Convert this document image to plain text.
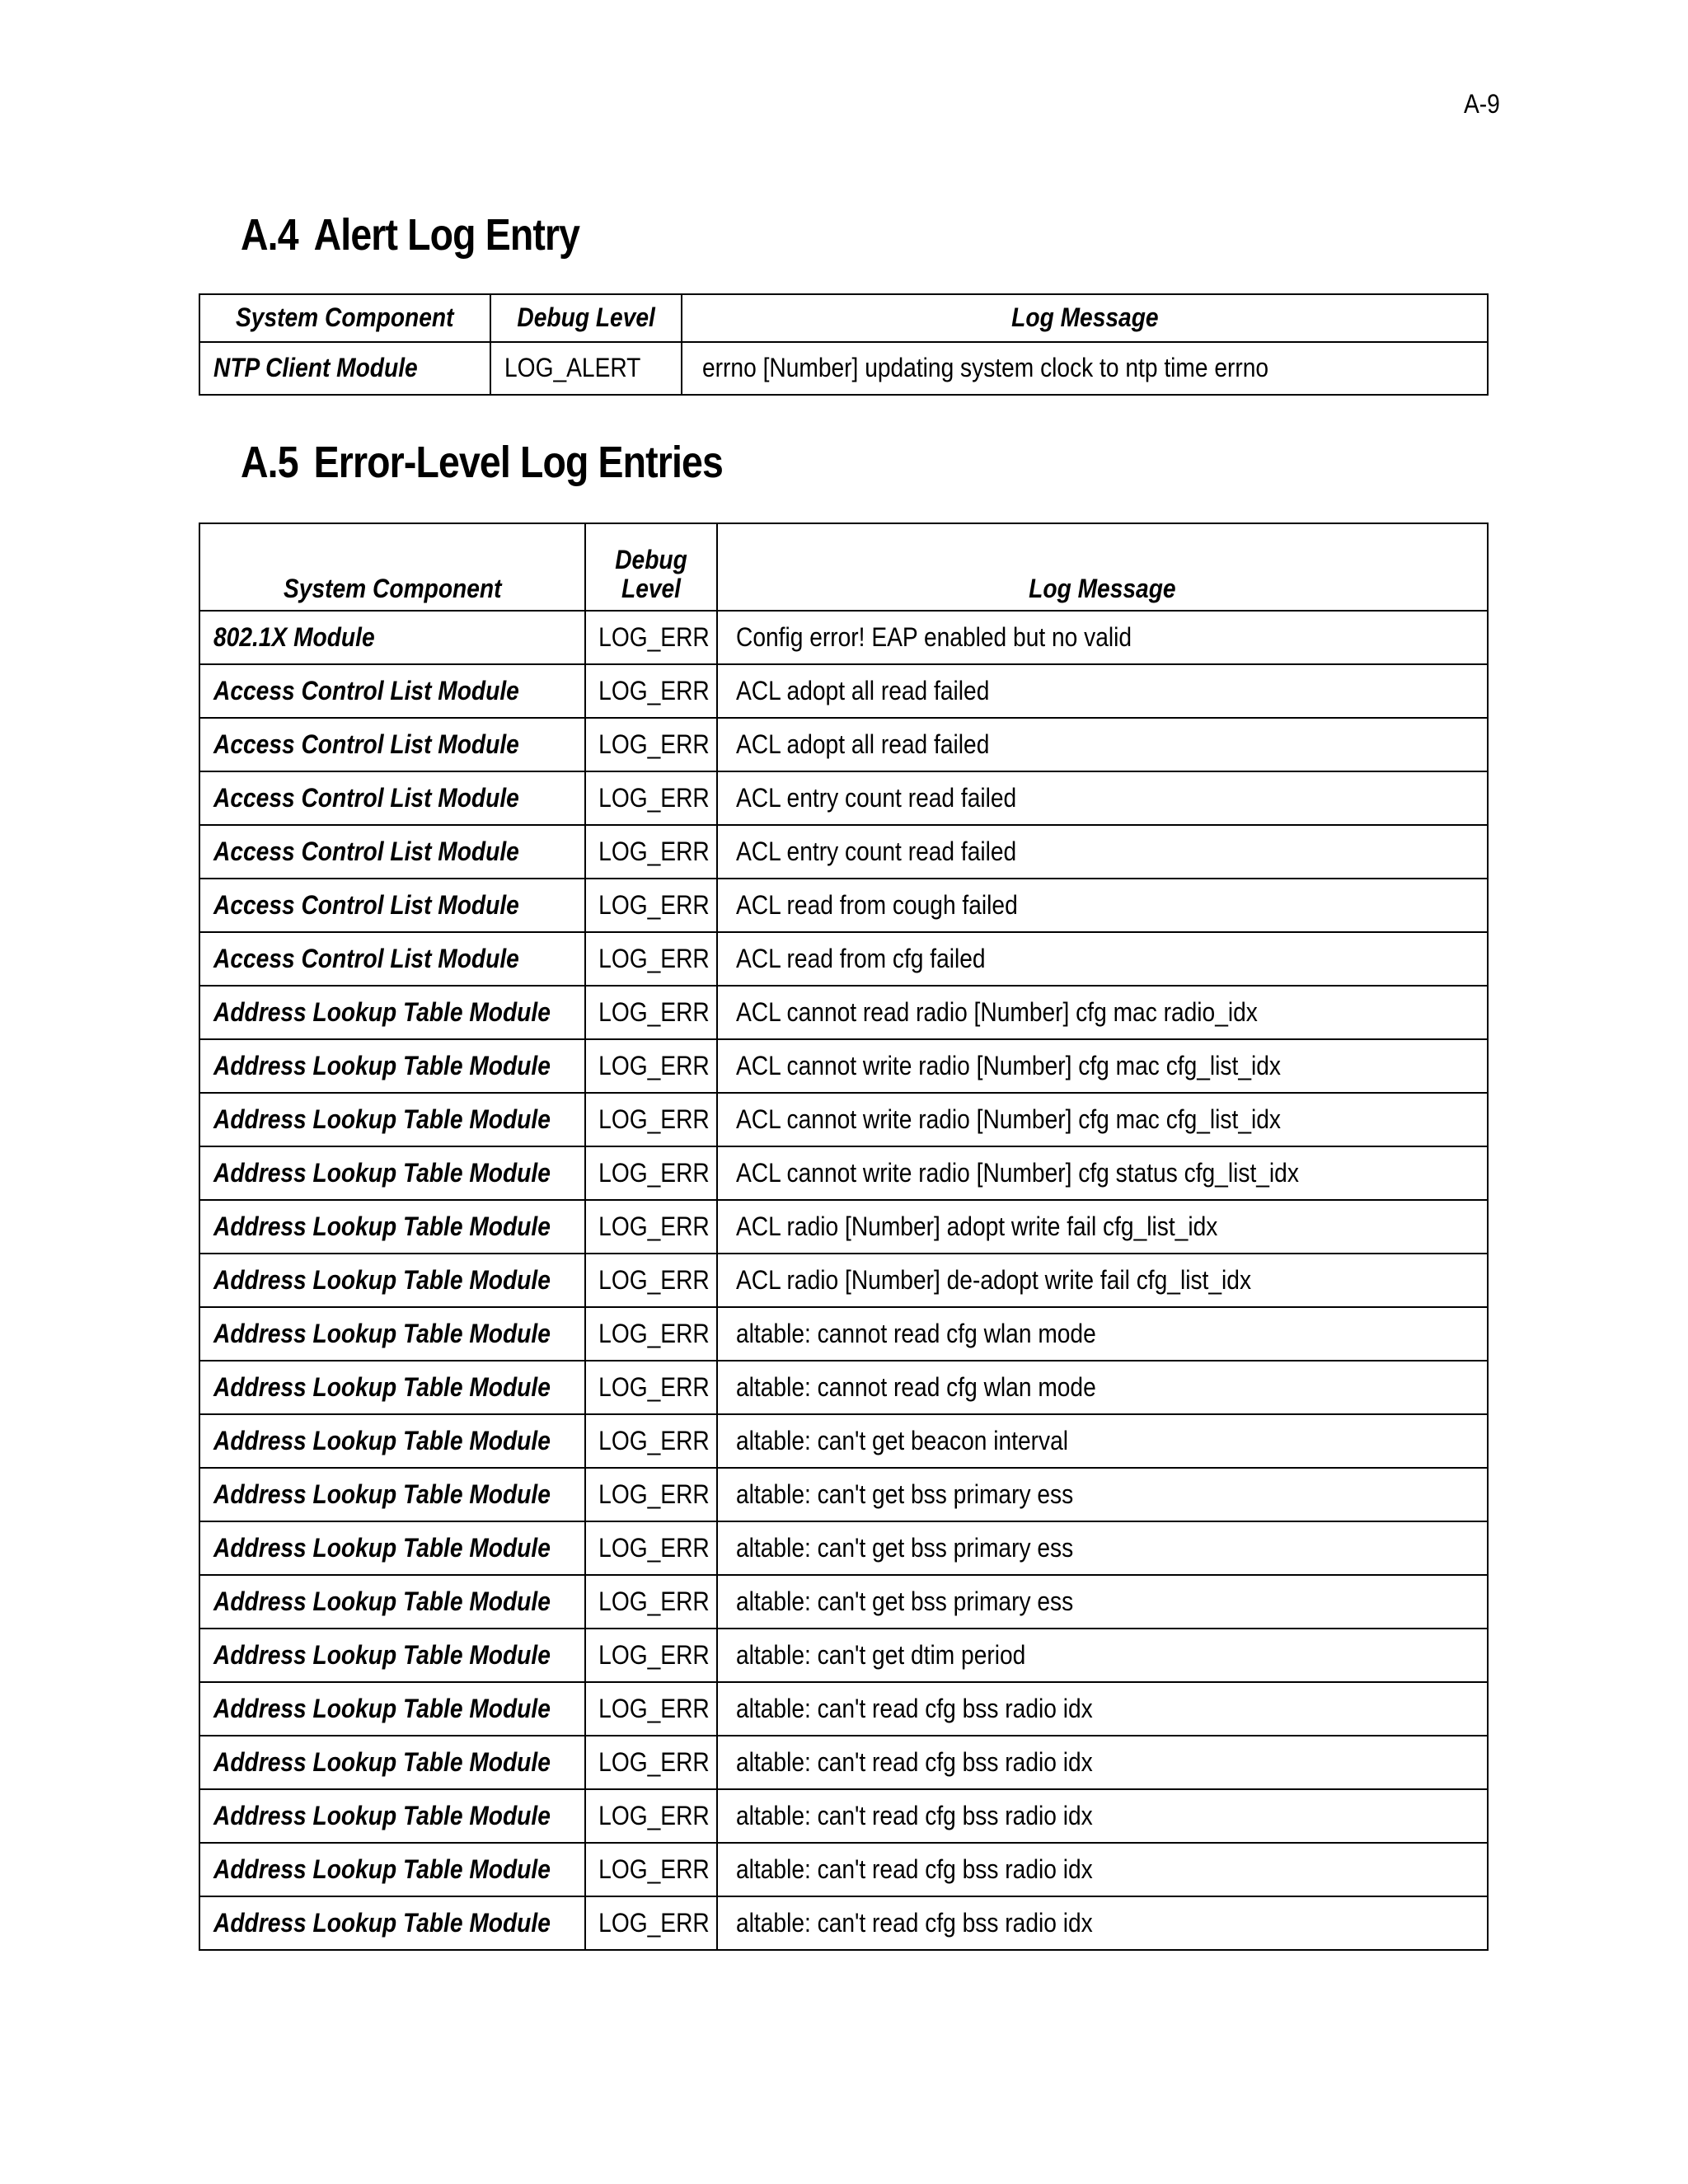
A-9
A.4 Alert Log Entry
System Component	Debug Level	Log Message
NTP Client Module	LOG_ALERT	errno [Number] updating system clock to ntp time errno
A.5 Error-Level Log Entries
System Component	Debug Level	Log Message
802.1X Module	LOG_ERR	Config error! EAP enabled but no valid
Access Control List Module	LOG_ERR	ACL adopt all read failed
Access Control List Module	LOG_ERR	ACL adopt all read failed
Access Control List Module	LOG_ERR	ACL entry count read failed
Access Control List Module	LOG_ERR	ACL entry count read failed
Access Control List Module	LOG_ERR	ACL read from cough failed
Access Control List Module	LOG_ERR	ACL read from cfg failed
Address Lookup Table Module	LOG_ERR	ACL cannot read radio [Number] cfg mac radio_idx
Address Lookup Table Module	LOG_ERR	ACL cannot write radio [Number] cfg mac cfg_list_idx
Address Lookup Table Module	LOG_ERR	ACL cannot write radio [Number] cfg mac cfg_list_idx
Address Lookup Table Module	LOG_ERR	ACL cannot write radio [Number] cfg status cfg_list_idx
Address Lookup Table Module	LOG_ERR	ACL radio [Number] adopt write fail cfg_list_idx
Address Lookup Table Module	LOG_ERR	ACL radio [Number] de-adopt write fail cfg_list_idx
Address Lookup Table Module	LOG_ERR	altable: cannot read cfg wlan mode
Address Lookup Table Module	LOG_ERR	altable: cannot read cfg wlan mode
Address Lookup Table Module	LOG_ERR	altable: can't get beacon interval
Address Lookup Table Module	LOG_ERR	altable: can't get bss primary ess
Address Lookup Table Module	LOG_ERR	altable: can't get bss primary ess
Address Lookup Table Module	LOG_ERR	altable: can't get bss primary ess
Address Lookup Table Module	LOG_ERR	altable: can't get dtim period
Address Lookup Table Module	LOG_ERR	altable: can't read cfg bss radio idx
Address Lookup Table Module	LOG_ERR	altable: can't read cfg bss radio idx
Address Lookup Table Module	LOG_ERR	altable: can't read cfg bss radio idx
Address Lookup Table Module	LOG_ERR	altable: can't read cfg bss radio idx
Address Lookup Table Module	LOG_ERR	altable: can't read cfg bss radio idx
